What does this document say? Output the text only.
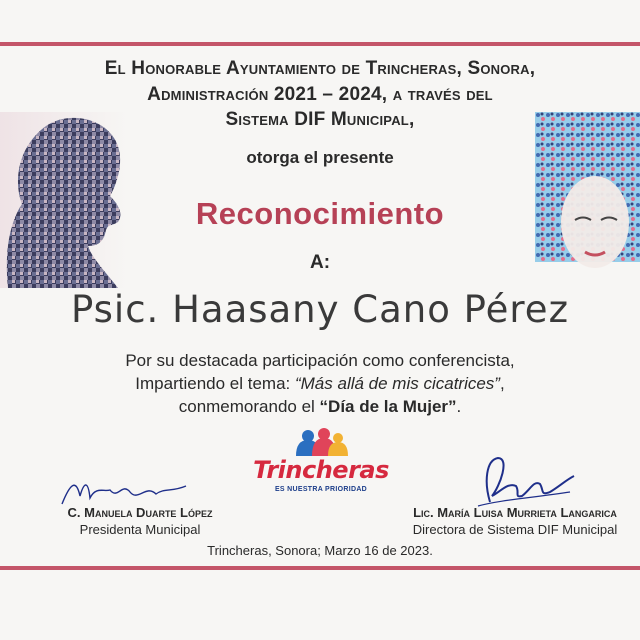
El Honorable Ayuntamiento de Trincheras, Sonora,
Administración 2021 – 2024, a través del
Sistema DIF Municipal,
otorga el presente
Reconocimiento
A:
Psic. Haasany Cano Pérez
Por su destacada participación como conferencista,
Impartiendo el tema: “Más allá de mis cicatrices”,
conmemorando el “Día de la Mujer”.
Trincheras
ES NUESTRA PRIORIDAD
C. Manuela Duarte López
Presidenta Municipal
Lic. María Luisa Murrieta Langarica
Directora de Sistema DIF Municipal
Trincheras, Sonora; Marzo 16 de 2023.
